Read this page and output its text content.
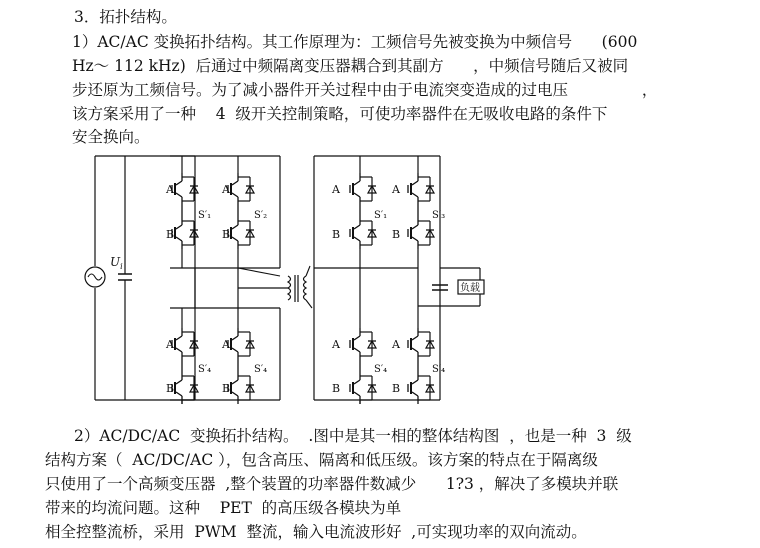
3．拓扑结构。
1）AC/AC 变换拓扑结构。其工作原理为：工频信号先被变换为中频信号      (600
Hz～ 112 kHz)  后通过中频隔离变压器耦合到其副方      ，中频信号随后又被同
步还原为工频信号。为了减小器件开关过程中由于电流突变造成的过电压               ，
该方案采用了一种    4  级开关控制策略，可使功率器件在无吸收电路的条件下
安全换向。
$U_i$
A
B
A
B
S′₁	S′₂
A
B
A
B
S′₄	S′₄
A
B
A
B
S′₁	S′₃
A
B
A
B
S′₄	S′₄
负载
2）AC/DC/AC  变换拓扑结构。  .图中是其一相的整体结构图  ，也是一种  3  级
结构方案（  AC/DC/AC ），包含高压、隔离和低压级。该方案的特点在于隔离级
只使用了一个高频变压器  ,整个装置的功率器件数减少      1?3 ，解决了多模块并联
带来的均流问题。这种    PET  的高压级各模块为单
相全控整流桥，采用  PWM  整流，输入电流波形好  ,可实现功率的双向流动。
